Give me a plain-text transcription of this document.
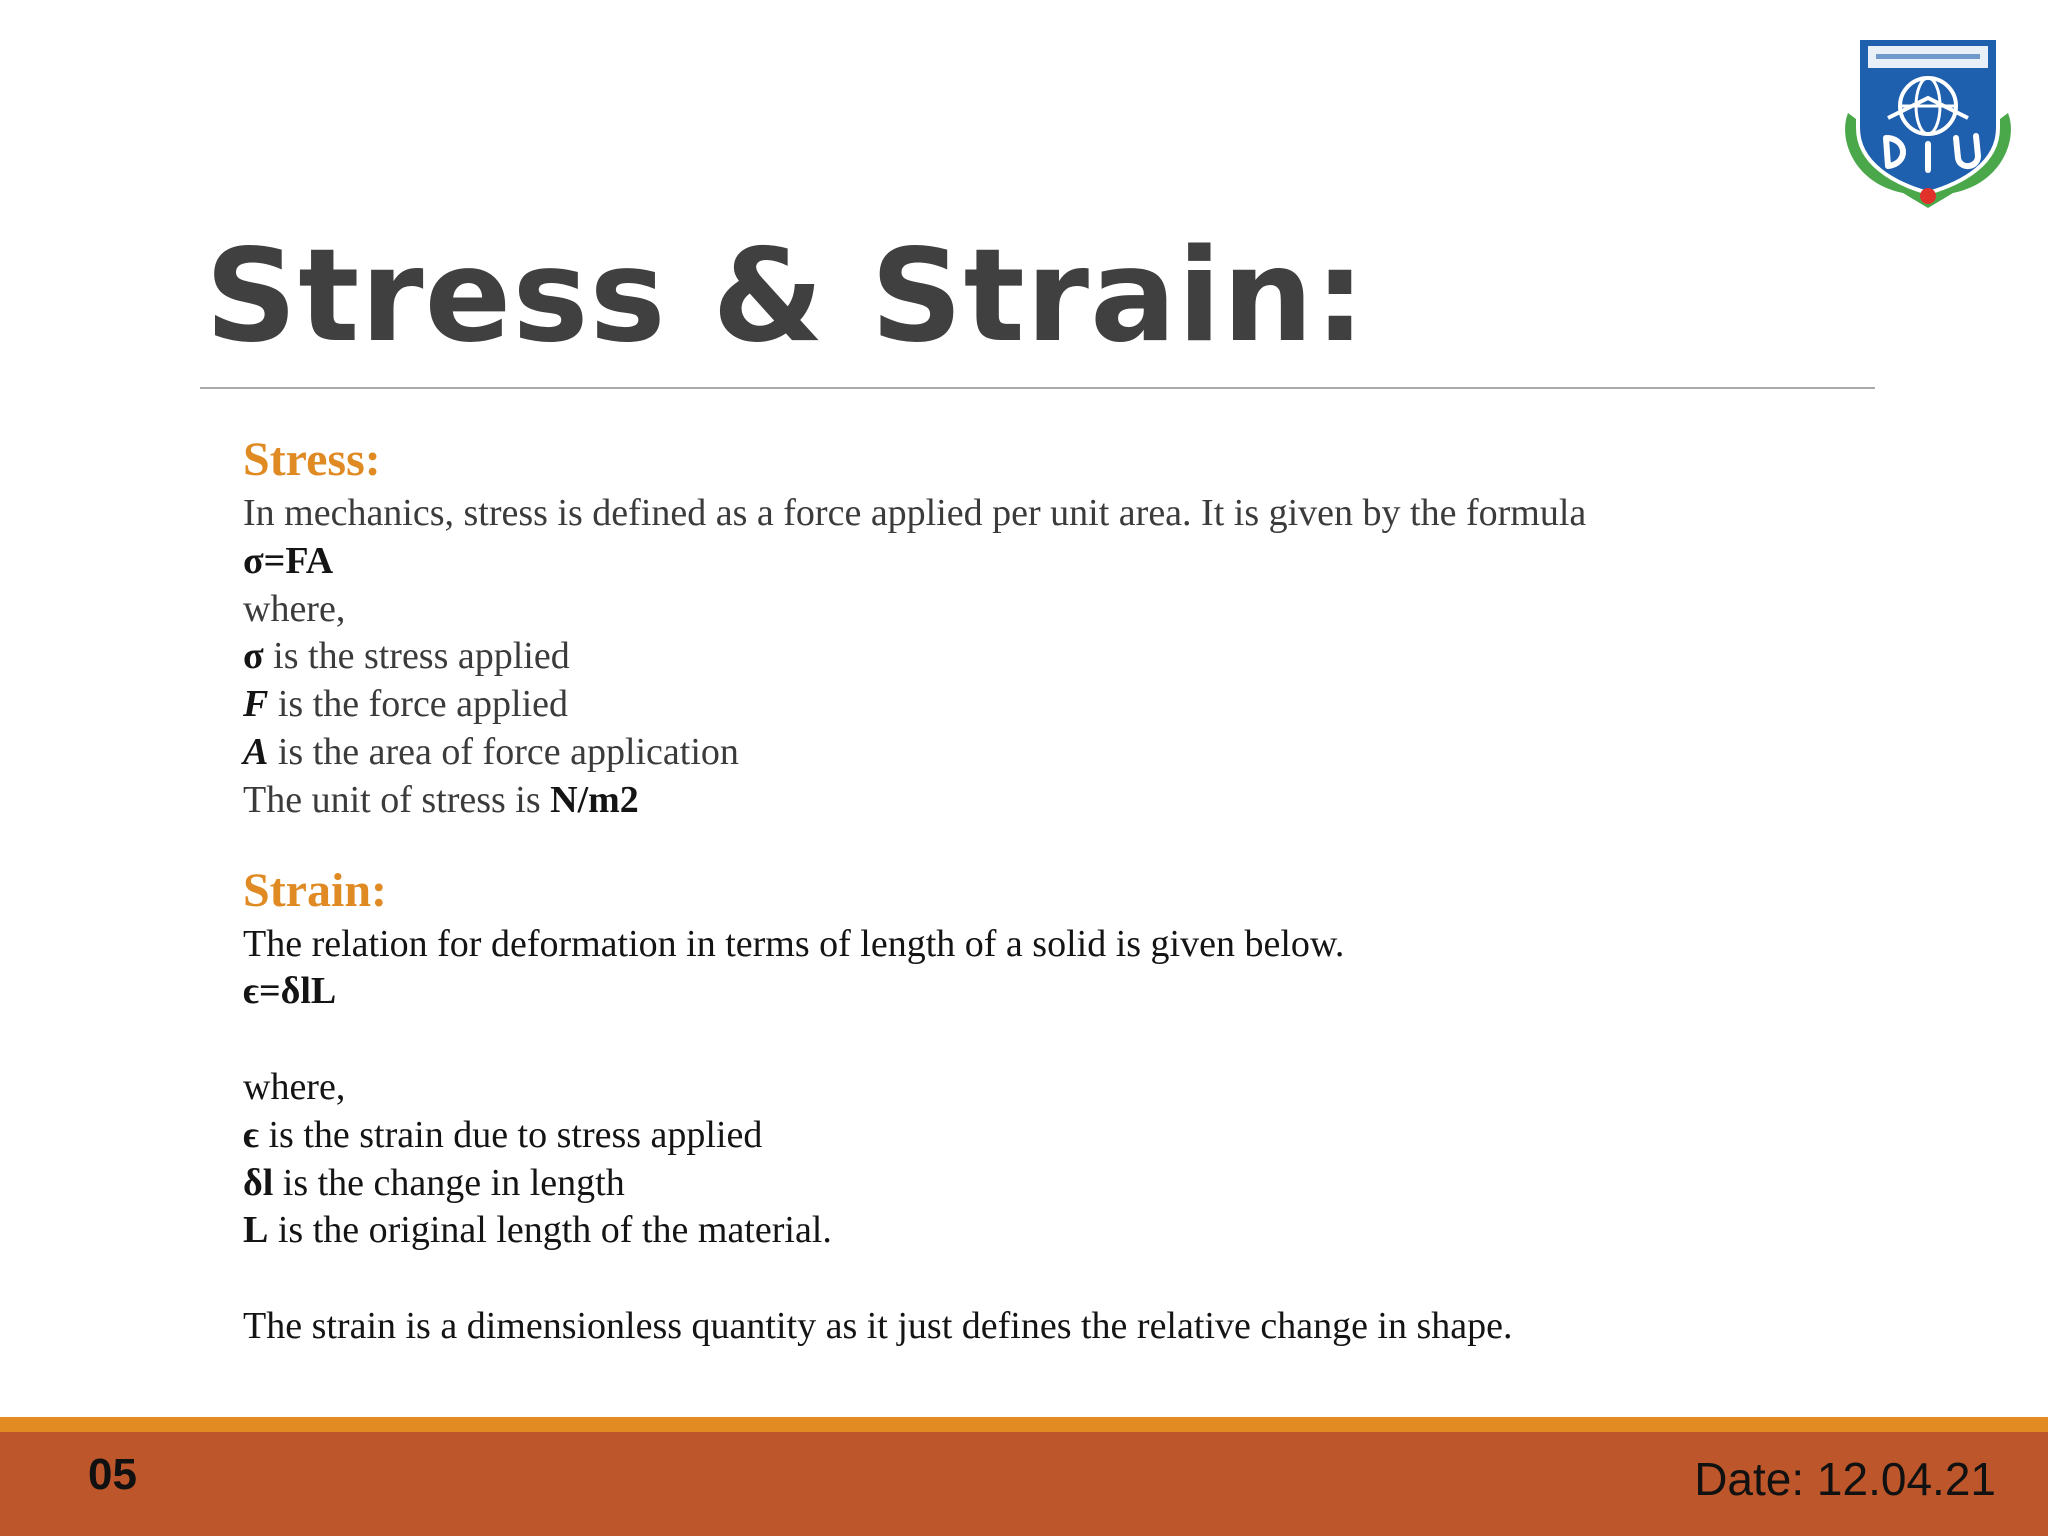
Stress & Strain:
Stress:
In mechanics, stress is defined as a force applied per unit area. It is given by the formula
σ=FA
where,
σ is the stress applied
F is the force applied
A is the area of force application
The unit of stress is N/m2
Strain:
The relation for deformation in terms of length of a solid is given below.
ϵ=δlL
where,
ϵ is the strain due to stress applied
δl is the change in length
L is the original length of the material.
The strain is a dimensionless quantity as it just defines the relative change in shape.
05	Date: 12.04.21
